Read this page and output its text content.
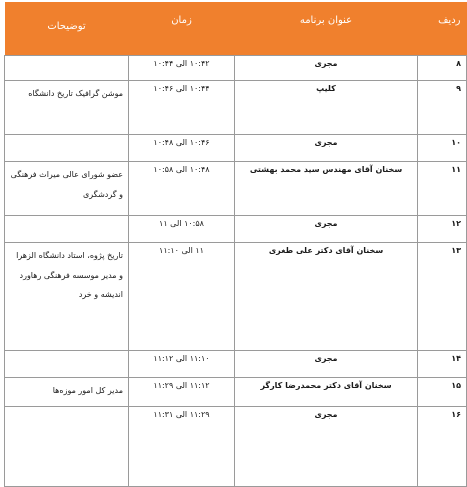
ردیف	عنوان برنامه	زمان	توضیحات
۸	مجری	۱۰:۴۲ الی ۱۰:۴۴	
۹	کلیپ	۱۰:۴۴ الی ۱۰:۴۶	موشن گرافیک تاریخ دانشگاه
۱۰	مجری	۱۰:۴۶ الی ۱۰:۴۸	
۱۱	سخنان آقای مهندس سید محمد بهشتی	۱۰:۴۸ الی ۱۰:۵۸	عضو شورای عالی میراث فرهنگی و گردشگری
۱۲	مجری	۱۰:۵۸ الی ۱۱	
۱۳	سخنان آقای دکتر علی طغری	۱۱ الی ۱۱:۱۰	تاریخ پژوه، استاد دانشگاه الزهرا و مدیر موسسه فرهنگی رهاورد اندیشه و خرد
۱۴	مجری	۱۱:۱۰ الی ۱۱:۱۲	
۱۵	سخنان آقای دکتر محمدرضا کارگر	۱۱:۱۲ الی ۱۱:۲۹	مدیر کل امور موزه‌ها
۱۶	مجری	۱۱:۲۹ الی ۱۱:۳۱	
